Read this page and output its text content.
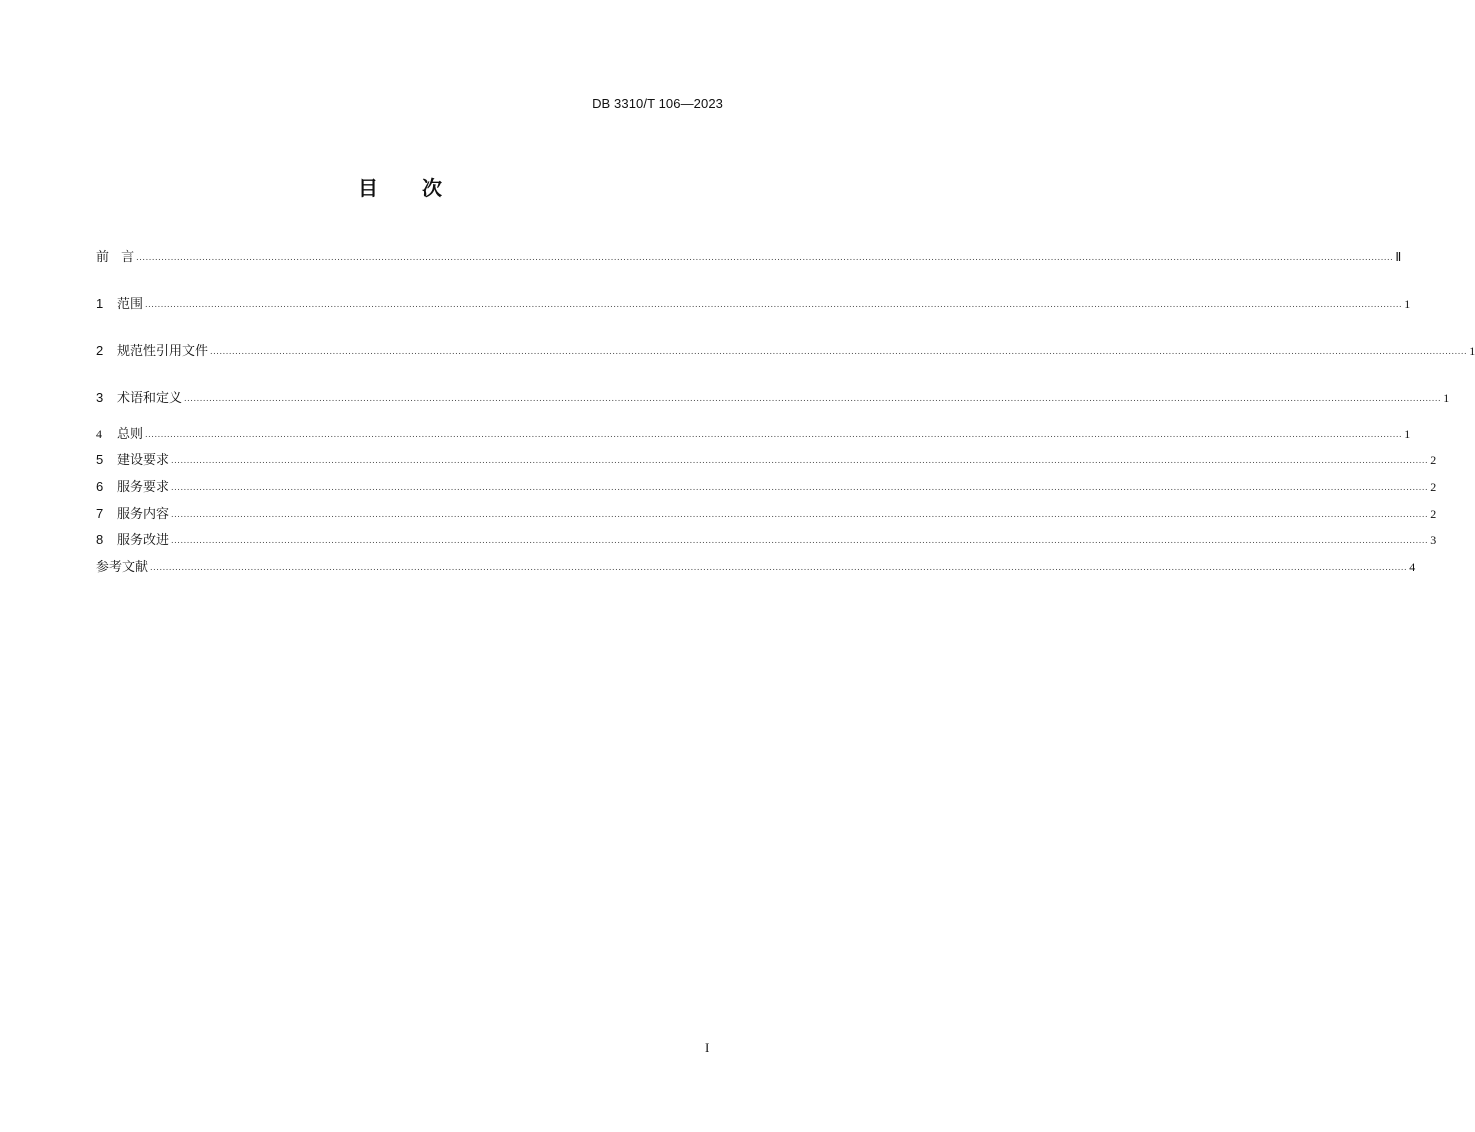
DB 3310/T 106—2023
目 次
前 言 ................................................................................................................................................................................................................................................................................................................................................................................................................ Ⅱ
1	范围 ................................................................................................................................................................................................................................................................................................................................................................................................................ 1
2	规范性引用文件 ................................................................................................................................................................................................................................................................................................................................................................................................................ 1
3	术语和定义 ................................................................................................................................................................................................................................................................................................................................................................................................................ 1
4	总则 ................................................................................................................................................................................................................................................................................................................................................................................................................ 1
5	建设要求 ................................................................................................................................................................................................................................................................................................................................................................................................................ 2
6	服务要求 ................................................................................................................................................................................................................................................................................................................................................................................................................ 2
7	服务内容 ................................................................................................................................................................................................................................................................................................................................................................................................................ 2
8	服务改进 ................................................................................................................................................................................................................................................................................................................................................................................................................ 3
参考文献 ................................................................................................................................................................................................................................................................................................................................................................................................................ 4
I
